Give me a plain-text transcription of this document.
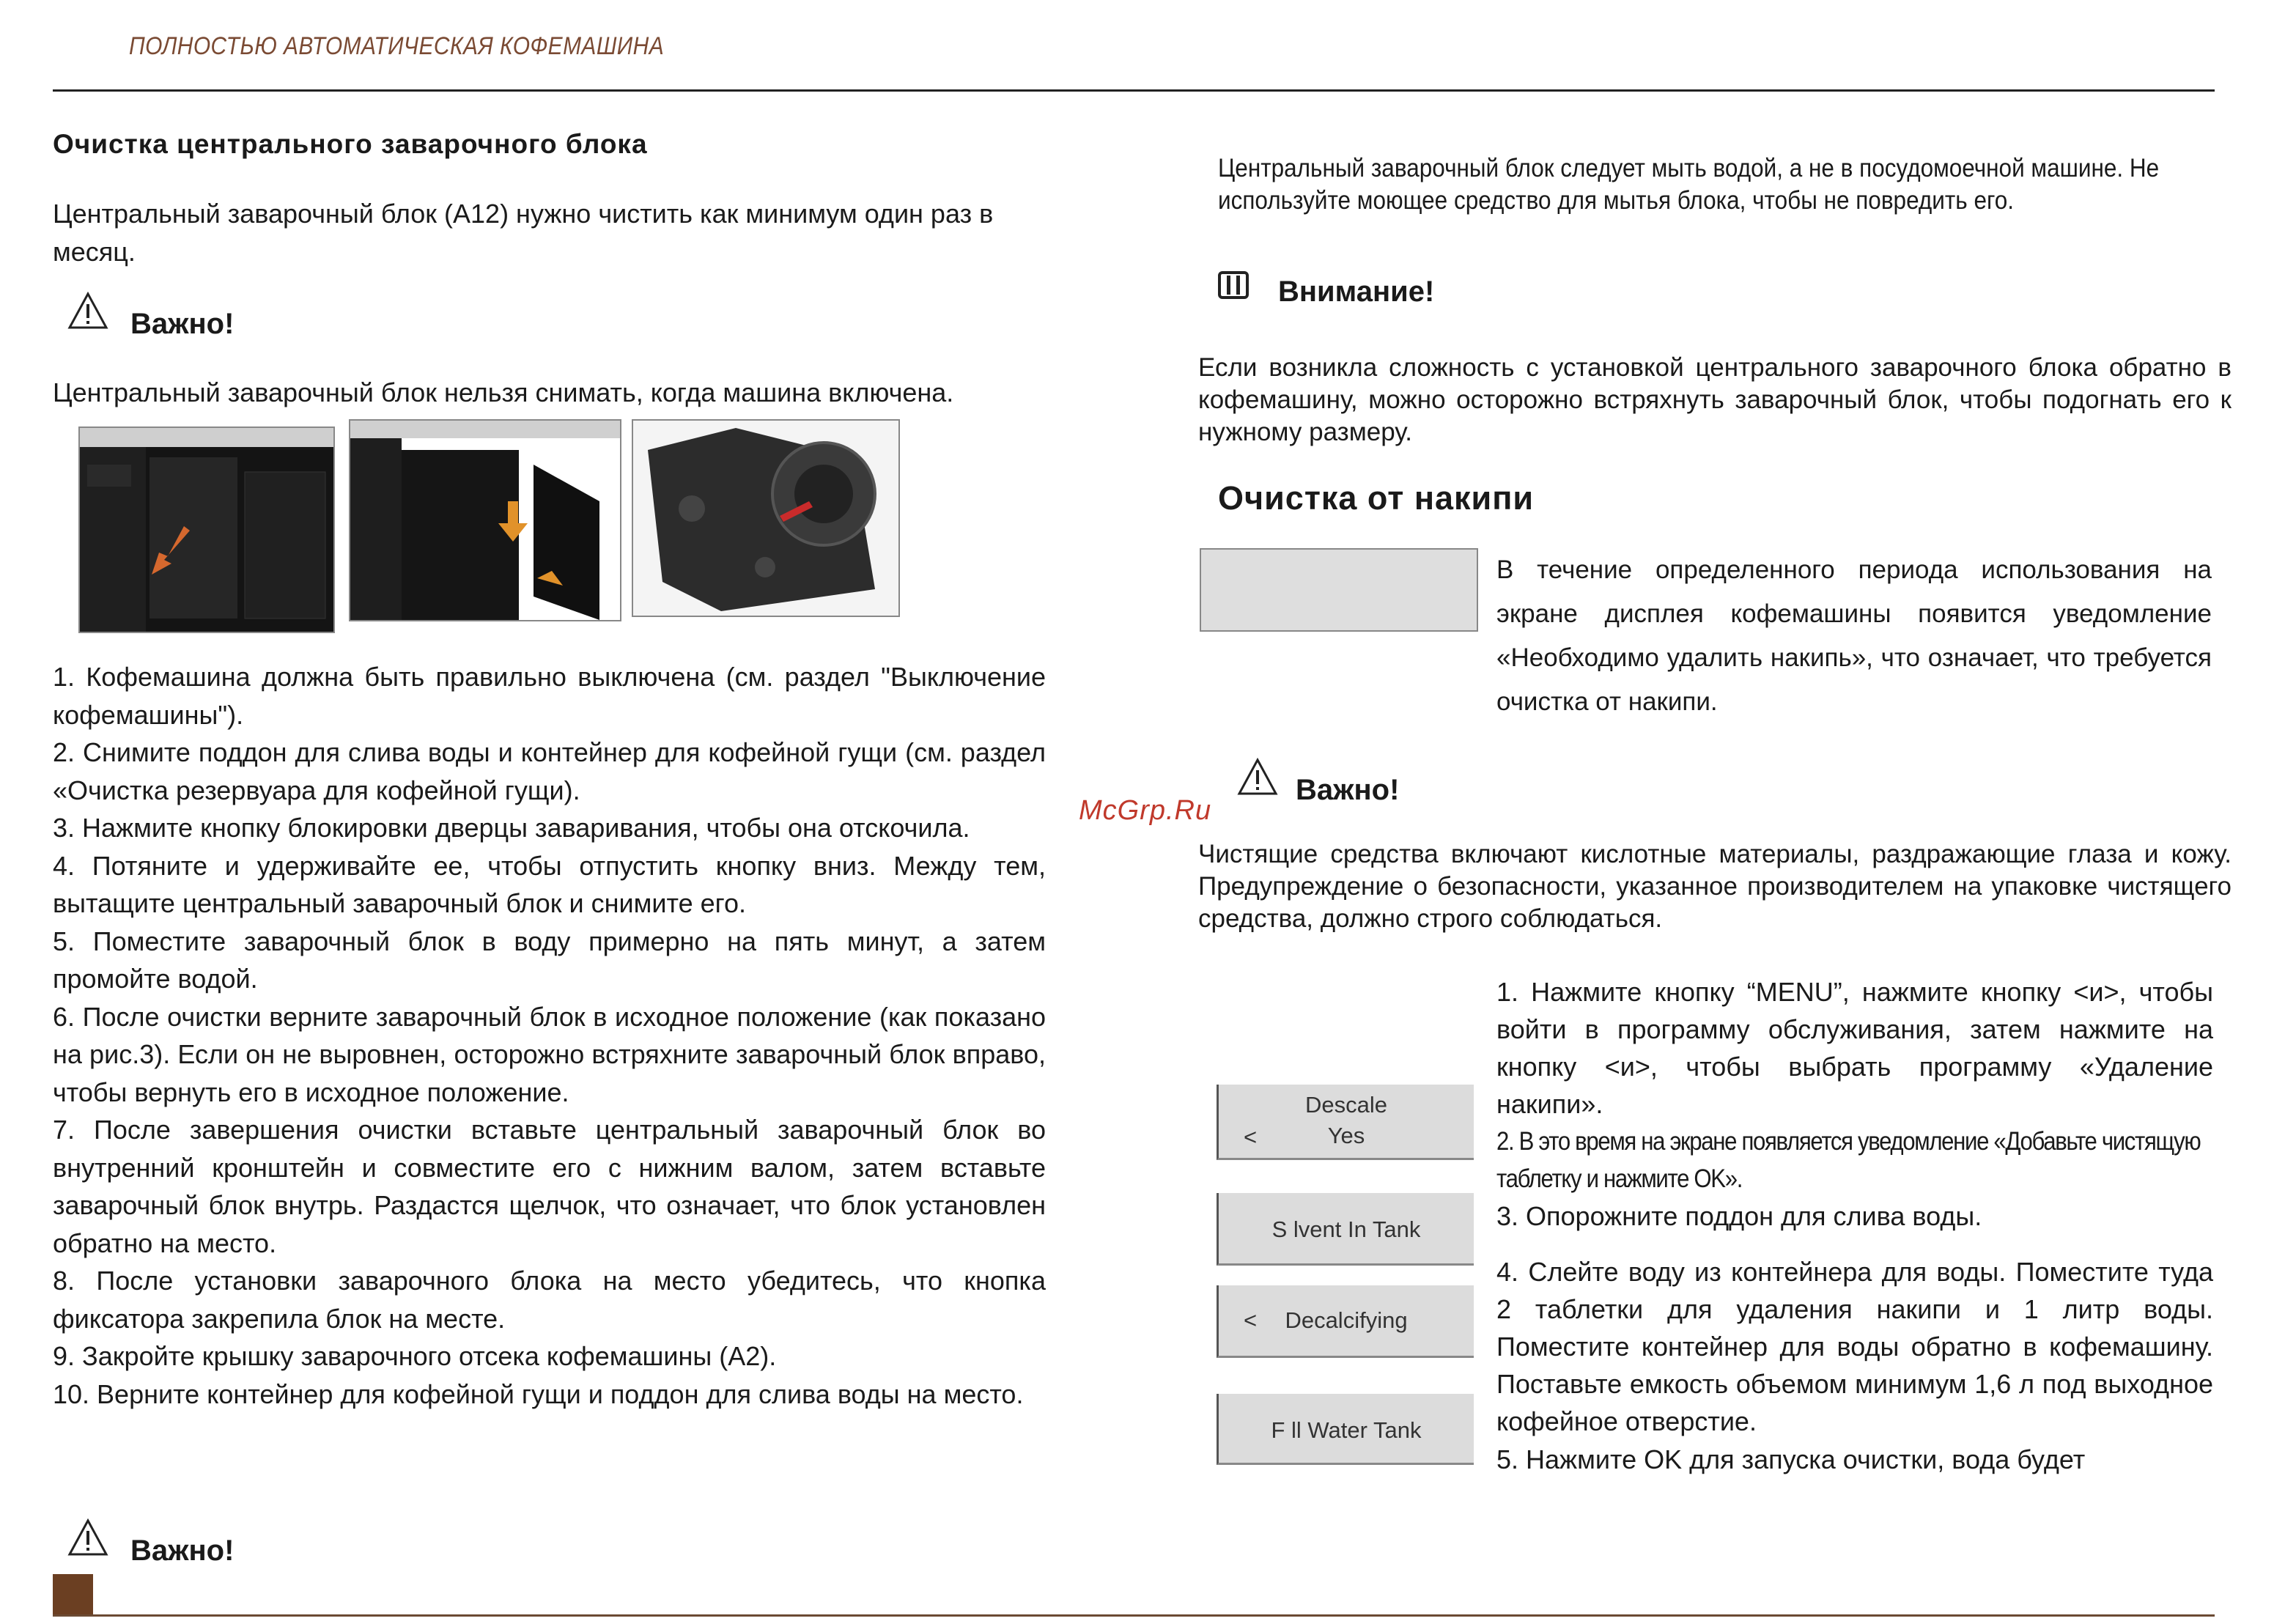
ПОЛНОСТЬЮ АВТОМАТИЧЕСКАЯ КОФЕМАШИНА
Очистка центрального заварочного блока
Центральный заварочный блок (A12) нужно чистить как минимум один раз в месяц.
Важно!
Центральный заварочный блок нельзя снимать, когда машина включена.

1. Кофемашина должна быть правильно выключена (см. раздел "Выключение кофемашины").

2. Снимите поддон для слива воды и контейнер для кофейной гущи (см. раздел «Очистка резервуара для кофейной гущи).

3. Нажмите кнопку блокировки дверцы заваривания, чтобы она отскочила.

4. Потяните и удерживайте ее, чтобы отпустить кнопку вниз. Между тем, вытащите центральный заварочный блок и снимите его.

5. Поместите заварочный блок в воду примерно на пять минут, а затем промойте водой.

6. После очистки верните заварочный блок в исходное положение (как показано на рис.3). Если он не выровнен, осторожно встряхните заварочный блок вправо, чтобы вернуть его в исходное положение.

7. После завершения очистки вставьте центральный заварочный блок во внутренний кронштейн и совместите его с нижним валом, затем вставьте заварочный блок внутрь. Раздастся щелчок, что означает, что блок установлен обратно на место.

8. После установки заварочного блока на место убедитесь, что кнопка фиксатора закрепила блок на месте.

9. Закройте крышку заварочного отсека кофемашины (A2).

10. Верните контейнер для кофейной гущи и поддон для слива воды на место.

Важно!
Центральный заварочный блок следует мыть водой, а не в посудомоечной машине. Не используйте моющее средство для мытья блока, чтобы не повредить его.
Внимание!
Если возникла сложность с установкой центрального заварочного блока обратно в кофемашину, можно осторожно встряхнуть заварочный блок, чтобы подогнать его к нужному размеру.
Очистка от накипи
В течение определенного периода использования на экране дисплея кофемашины появится уведомление «Необходимо удалить накипь», что означает, что требуется очистка от накипи.
Важно!
McGrp.Ru
Чистящие средства включают кислотные материалы, раздражающие глаза и кожу. Предупреждение о безопасности, указанное производителем на упаковке чистящего средства, должно строго соблюдаться.
Descale
<	Yes
S lvent In Tank
<	Decalcifying
F ll Water Tank
1. Нажмите кнопку “MENU”, нажмите кнопку <и>, чтобы войти в программу обслуживания, затем нажмите на кнопку <и>, чтобы выбрать программу «Удаление накипи».
2. В это время на экране появляется уведомление «Добавьте чистящую таблетку и нажмите OK».
3. Опорожните поддон для слива воды.
4. Слейте воду из контейнера для воды. Поместите туда 2 таблетки для удаления накипи и 1 литр воды. Поместите контейнер для воды обратно в кофемашину. Поставьте емкость объемом минимум 1,6 л под выходное кофейное отверстие.
5. Нажмите OK для запуска очистки, вода будет
